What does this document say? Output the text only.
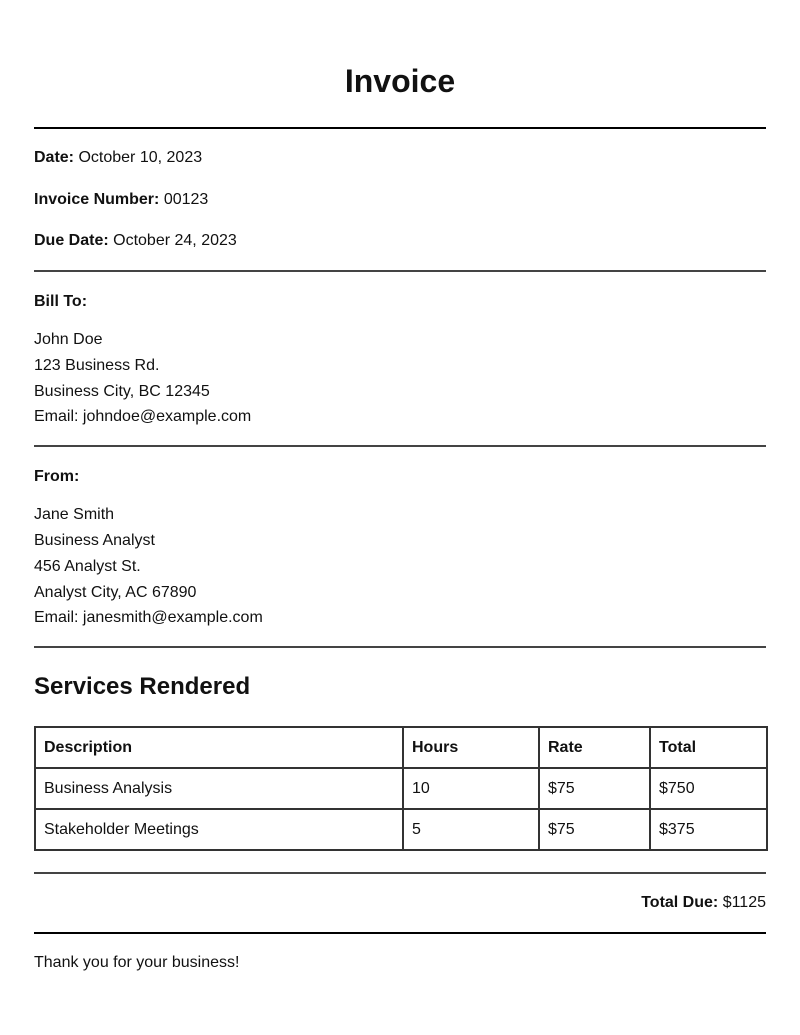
Invoice

Date: October 10, 2023

Invoice Number: 00123

Due Date: October 24, 2023

Bill To:

John Doe

123 Business Rd.

Business City, BC 12345

Email: johndoe@example.com

From:

Jane Smith

Business Analyst

456 Analyst St.

Analyst City, AC 67890

Email: janesmith@example.com

Services Rendered
Description	Hours	Rate	Total
Business Analysis	10	$75	$750
Stakeholder Meetings	5	$75	$375

Total Due: $1125

Thank you for your business!
